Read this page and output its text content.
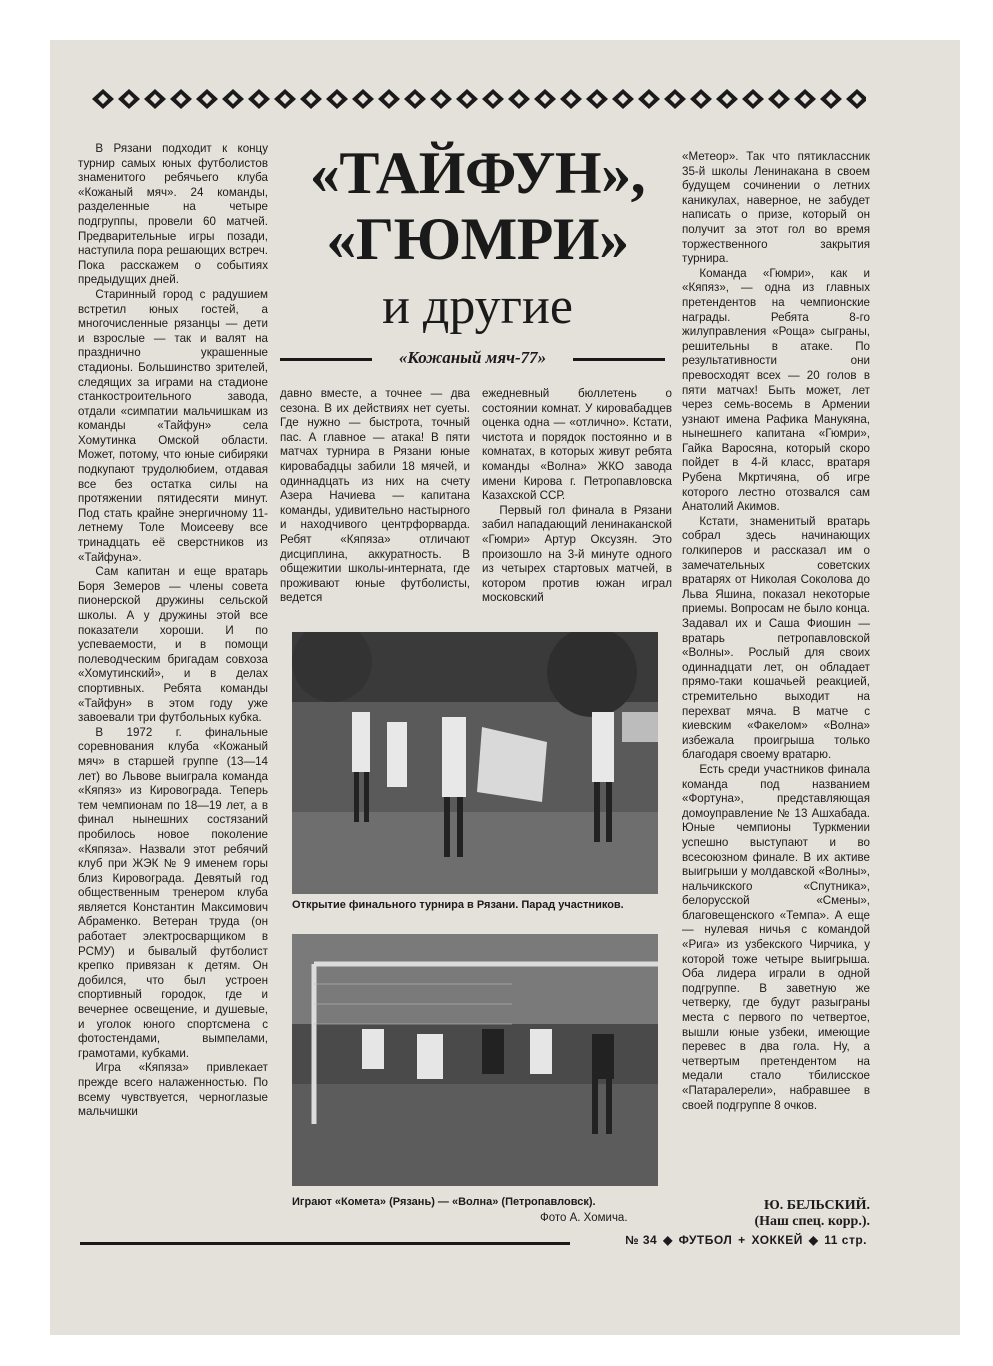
«ТАЙФУН»,
«ГЮМРИ»
и другие
«Кожаный мяч-77»

В Рязани подходит к концу турнир самых юных футболистов знаменитого ребячьего клуба «Кожаный мяч». 24 команды, разделенные на четыре подгруппы, провели 60 матчей. Предварительные игры позади, наступила пора решающих встреч. Пока расскажем о событиях предыдущих дней.

Старинный город с радушием встретил юных гостей, а многочисленные рязанцы — дети и взрослые — так и валят на празднично украшенные стадионы. Большинство зрителей, следящих за играми на стадионе станкостроительного завода, отдали «симпатии мальчишкам из команды «Тайфун» села Хомутинка Омской области. Может, потому, что юные сибиряки подкупают трудолюбием, отдавая все без остатка силы на протяжении пятидесяти минут. Под стать крайне энергичному 11-летнему Толе Моисееву все тринадцать её сверстников из «Тайфуна».

Сам капитан и еще вратарь Боря Земеров — члены совета пионерской дружины сельской школы. А у дружины этой все показатели хороши. И по успеваемости, и в помощи полеводческим бригадам совхоза «Хомутинский», и в делах спортивных. Ребята команды «Тайфун» в этом году уже завоевали три футбольных кубка.

В 1972 г. финальные соревнования клуба «Кожаный мяч» в старшей группе (13—14 лет) во Львове выиграла команда «Кяпяз» из Кировограда. Теперь тем чемпионам по 18—19 лет, а в финал нынешних состязаний пробилось новое поколение «Кяпяза». Назвали этот ребячий клуб при ЖЭК № 9 именем горы близ Кировограда. Девятый год общественным тренером клуба является Константин Максимович Абраменко. Ветеран труда (он работает электросварщиком в РСМУ) и бывалый футболист крепко привязан к детям. Он добился, что был устроен спортивный городок, где и вечернее освещение, и душевые, и уголок юного спортсмена с фотостендами, вымпелами, грамотами, кубками.

Игра «Кяпяза» привлекает прежде всего налаженностью. По всему чувствуется, черноглазые мальчишки

давно вместе, а точнее — два сезона. В их действиях нет суеты. Где нужно — быстрота, точный пас. А главное — атака! В пяти матчах турнира в Рязани юные кировабадцы забили 18 мячей, и одиннадцать из них на счету Азера Начиева — капитана команды, удивительно настырного и находчивого центрфорварда. Ребят «Кяпяза» отличают дисциплина, аккуратность. В общежитии школы-интерната, где проживают юные футболисты, ведется

ежедневный бюллетень о состоянии комнат. У кировабадцев оценка одна — «отлично». Кстати, чистота и порядок постоянно и в комнатах, в которых живут ребята команды «Волна» ЖКО завода имени Кирова г. Петропавловска Казахской ССР.

Первый гол финала в Рязани забил нападающий ленинаканской «Гюмри» Артур Оксузян. Это произошло на 3-й минуте одного из четырех стартовых матчей, в котором против южан играл московский

«Метеор». Так что пятиклассник 35-й школы Ленинакана в своем будущем сочинении о летних каникулах, наверное, не забудет написать о призе, который он получит за этот гол во время торжественного закрытия турнира.

Команда «Гюмри», как и «Кяпяз», — одна из главных претендентов на чемпионские награды. Ребята 8-го жилуправления «Роща» сыграны, решительны в атаке. По результативности они превосходят всех — 20 голов в пяти матчах! Быть может, лет через семь-восемь в Армении узнают имена Рафика Манукяна, нынешнего капитана «Гюмри», Гайка Варосяна, который скоро пойдет в 4-й класс, вратаря Рубена Мкртичяна, об игре которого лестно отозвался сам Анатолий Акимов.

Кстати, знаменитый вратарь собрал здесь начинающих голкиперов и рассказал им о замечательных советских вратарях от Николая Соколова до Льва Яшина, показал некоторые приемы. Вопросам не было конца. Задавал их и Саша Фиошин — вратарь петропавловской «Волны». Рослый для своих одиннадцати лет, он обладает прямо-таки кошачьей реакцией, стремительно выходит на перехват мяча. В матче с киевским «Факелом» «Волна» избежала проигрыша только благодаря своему вратарю.

Есть среди участников финала команда под названием «Фортуна», представляющая домоуправление № 13 Ашхабада. Юные чемпионы Туркмении успешно выступают и во всесоюзном финале. В их активе выигрыши у молдавской «Волны», нальчикского «Спутника», белорусской «Смены», благовещенского «Темпа». А еще — нулевая ничья с командой «Рига» из узбекского Чирчика, у которой тоже четыре выигрыша. Оба лидера играли в одной подгруппе. В заветную же четверку, где будут разыграны места с первого по четвертое, вышли юные узбеки, имеющие перевес в два гола. Ну, а четвертым претендентом на медали стало тбилисское «Патаралерели», набравшее в своей подгруппе 8 очков.

Открытие финального турнира в Рязани. Парад участников.
Играют «Комета» (Рязань) — «Волна» (Петропавловск).
Фото А. Хомича.
Ю. БЕЛЬСКИЙ.
(Наш спец. корр.).
№ 34 ◆ ФУТБОЛ + ХОККЕЙ ◆ 11 стр.
